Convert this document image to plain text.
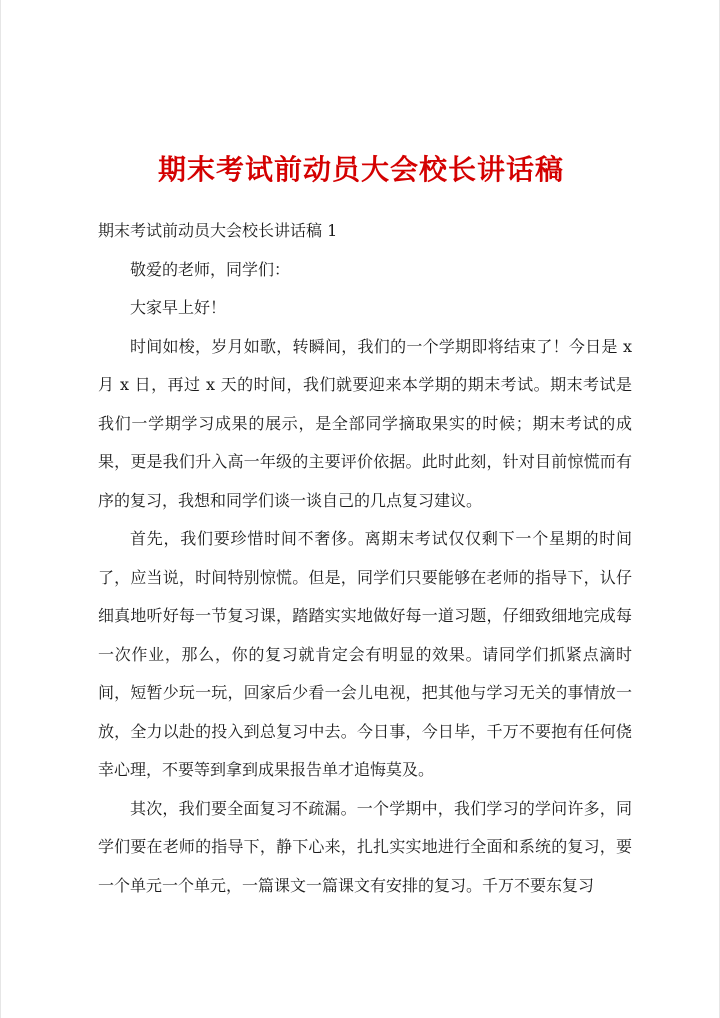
期末考试前动员大会校长讲话稿

期末考试前动员大会校长讲话稿 1

敬爱的老师，同学们：

大家早上好！

时间如梭，岁月如歌，转瞬间，我们的一个学期即将结束了！今日是 x 月 x 日，再过 x 天的时间，我们就要迎来本学期的期末考试。期末考试是我们一学期学习成果的展示，是全部同学摘取果实的时候；期末考试的成果，更是我们升入高一年级的主要评价依据。此时此刻，针对目前惊慌而有序的复习，我想和同学们谈一谈自己的几点复习建议。

首先，我们要珍惜时间不奢侈。离期末考试仅仅剩下一个星期的时间了，应当说，时间特别惊慌。但是，同学们只要能够在老师的指导下，认仔细真地听好每一节复习课，踏踏实实地做好每一道习题，仔细致细地完成每一次作业，那么，你的复习就肯定会有明显的效果。请同学们抓紧点滴时间，短暂少玩一玩，回家后少看一会儿电视，把其他与学习无关的事情放一放，全力以赴的投入到总复习中去。今日事，今日毕，千万不要抱有任何侥幸心理，不要等到拿到成果报告单才追悔莫及。

其次，我们要全面复习不疏漏。一个学期中，我们学习的学问许多，同学们要在老师的指导下，静下心来，扎扎实实地进行全面和系统的复习，要一个单元一个单元，一篇课文一篇课文有安排的复习。千万不要东复习
